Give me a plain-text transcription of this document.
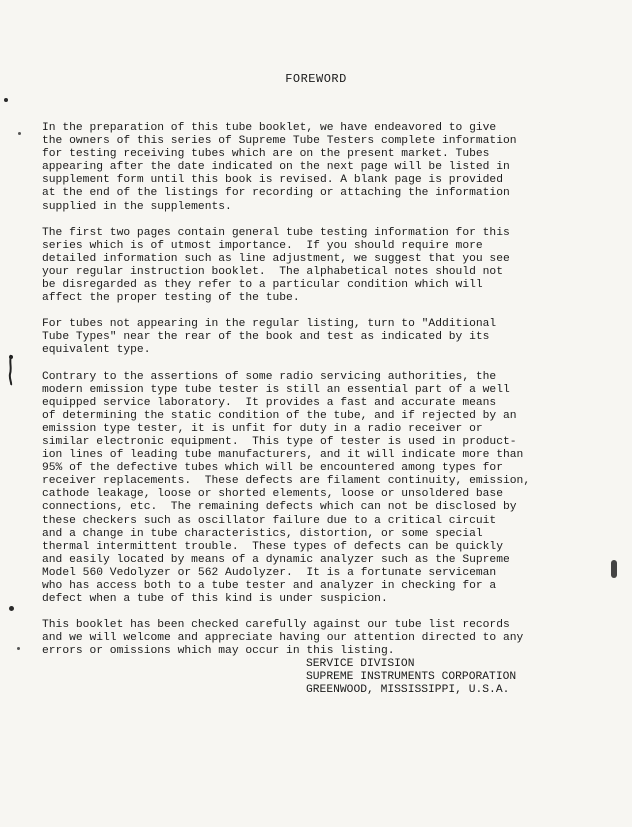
FOREWORD

In the preparation of this tube booklet, we have endeavored to give
the owners of this series of Supreme Tube Testers complete information
for testing receiving tubes which are on the present market. Tubes
appearing after the date indicated on the next page will be listed in
supplement form until this book is revised. A blank page is provided
at the end of the listings for recording or attaching the information
supplied in the supplements.

The first two pages contain general tube testing information for this
series which is of utmost importance.  If you should require more
detailed information such as line adjustment, we suggest that you see
your regular instruction booklet.  The alphabetical notes should not
be disregarded as they refer to a particular condition which will
affect the proper testing of the tube.

For tubes not appearing in the regular listing, turn to "Additional
Tube Types" near the rear of the book and test as indicated by its
equivalent type.

Contrary to the assertions of some radio servicing authorities, the
modern emission type tube tester is still an essential part of a well
equipped service laboratory.  It provides a fast and accurate means
of determining the static condition of the tube, and if rejected by an
emission type tester, it is unfit for duty in a radio receiver or
similar electronic equipment.  This type of tester is used in product-
ion lines of leading tube manufacturers, and it will indicate more than
95% of the defective tubes which will be encountered among types for
receiver replacements.  These defects are filament continuity, emission,
cathode leakage, loose or shorted elements, loose or unsoldered base
connections, etc.  The remaining defects which can not be disclosed by
these checkers such as oscillator failure due to a critical circuit
and a change in tube characteristics, distortion, or some special
thermal intermittent trouble.  These types of defects can be quickly
and easily located by means of a dynamic analyzer such as the Supreme
Model 560 Vedolyzer or 562 Audolyzer.  It is a fortunate serviceman
who has access both to a tube tester and analyzer in checking for a
defect when a tube of this kind is under suspicion.

This booklet has been checked carefully against our tube list records
and we will welcome and appreciate having our attention directed to any
errors or omissions which may occur in this listing.

SERVICE DIVISION
SUPREME INSTRUMENTS CORPORATION
GREENWOOD, MISSISSIPPI, U.S.A.
